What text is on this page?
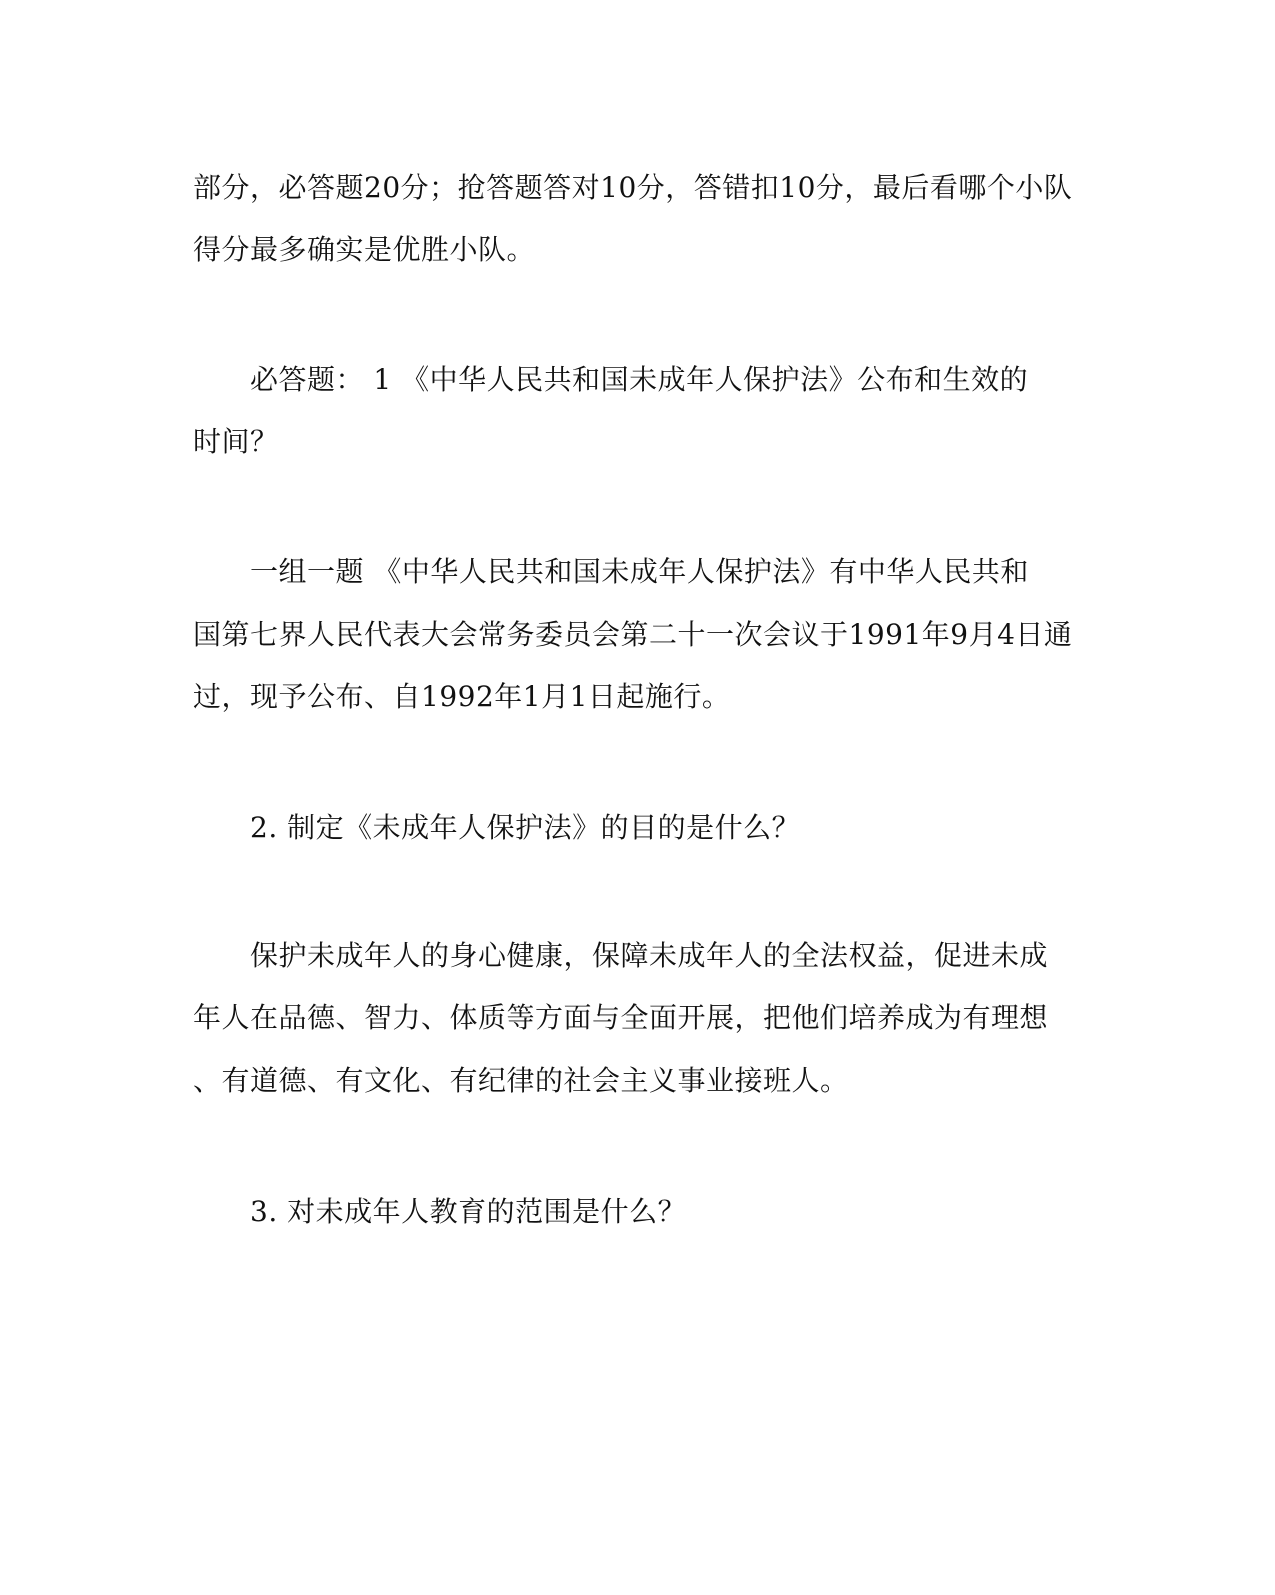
部分，必答题20分；抢答题答对10分，答错扣10分，最后看哪个小队
得分最多确实是优胜小队。
必答题： 1 《中华人民共和国未成年人保护法》公布和生效的
时间？
一组一题 《中华人民共和国未成年人保护法》有中华人民共和
国第七界人民代表大会常务委员会第二十一次会议于1991年9月4日通
过，现予公布、自1992年1月1日起施行。
2. 制定《未成年人保护法》的目的是什么？
保护未成年人的身心健康，保障未成年人的全法权益，促进未成
年人在品德、智力、体质等方面与全面开展，把他们培养成为有理想
、有道德、有文化、有纪律的社会主义事业接班人。
3. 对未成年人教育的范围是什么？
